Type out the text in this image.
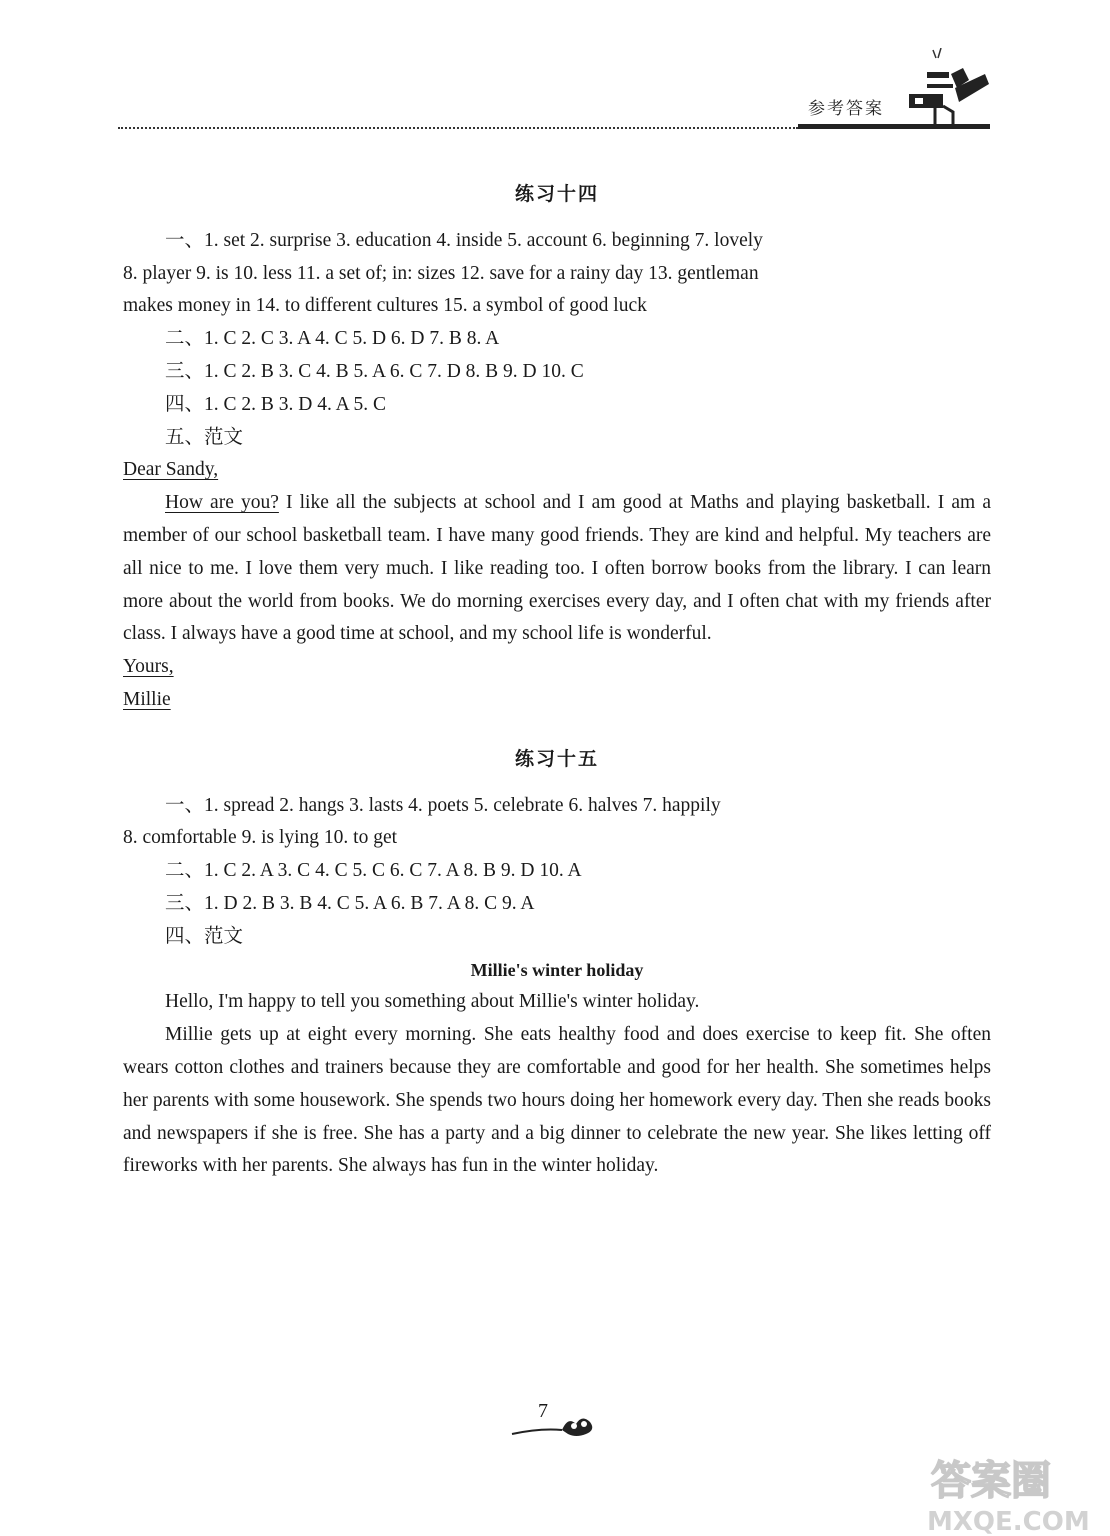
参考答案
练习十四

一、1. set 2. surprise 3. education 4. inside 5. account 6. beginning 7. lovely

8. player 9. is 10. less 11. a set of; in: sizes 12. save for a rainy day 13. gentleman

makes money in 14. to different cultures 15. a symbol of good luck

二、1. C 2. C 3. A 4. C 5. D 6. D 7. B 8. A

三、1. C 2. B 3. C 4. B 5. A 6. C 7. D 8. B 9. D 10. C

四、1. C 2. B 3. D 4. A 5. C

五、范文

Dear Sandy,

How are you? I like all the subjects at school and I am good at Maths and playing basketball. I am a member of our school basketball team. I have many good friends. They are kind and helpful. My teachers are all nice to me. I love them very much. I like reading too. I often borrow books from the library. I can learn more about the world from books. We do morning exercises every day, and I often chat with my friends after class. I always have a good time at school, and my school life is wonderful.

Yours,

Millie

练习十五

一、1. spread 2. hangs 3. lasts 4. poets 5. celebrate 6. halves 7. happily

8. comfortable 9. is lying 10. to get

二、1. C 2. A 3. C 4. C 5. C 6. C 7. A 8. B 9. D 10. A

三、1. D 2. B 3. B 4. C 5. A 6. B 7. A 8. C 9. A

四、范文

Millie's winter holiday

Hello, I'm happy to tell you something about Millie's winter holiday.

Millie gets up at eight every morning. She eats healthy food and does exercise to keep fit. She often wears cotton clothes and trainers because they are comfortable and good for her health. She sometimes helps her parents with some housework. She spends two hours doing her homework every day. Then she reads books and newspapers if she is free. She has a party and a big dinner to celebrate the new year. She likes letting off fireworks with her parents. She always has fun in the winter holiday.

7
答案圈
MXQE.COM
